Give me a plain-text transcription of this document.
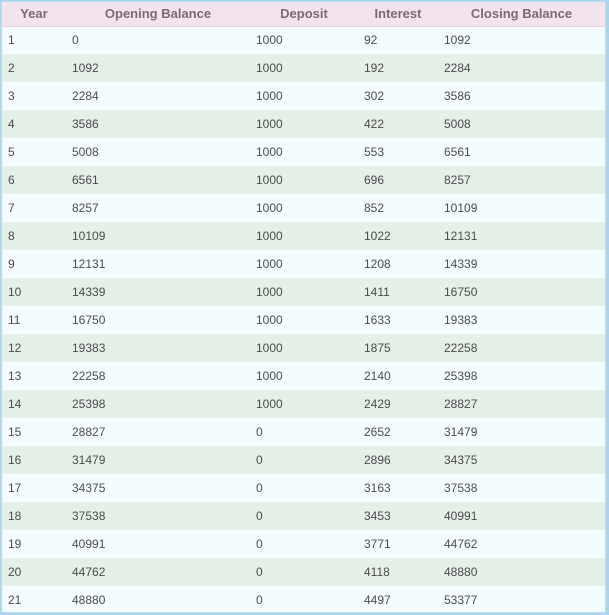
Year	Opening Balance	Deposit	Interest	Closing Balance
1	0	1000	92	1092
2	1092	1000	192	2284
3	2284	1000	302	3586
4	3586	1000	422	5008
5	5008	1000	553	6561
6	6561	1000	696	8257
7	8257	1000	852	10109
8	10109	1000	1022	12131
9	12131	1000	1208	14339
10	14339	1000	1411	16750
11	16750	1000	1633	19383
12	19383	1000	1875	22258
13	22258	1000	2140	25398
14	25398	1000	2429	28827
15	28827	0	2652	31479
16	31479	0	2896	34375
17	34375	0	3163	37538
18	37538	0	3453	40991
19	40991	0	3771	44762
20	44762	0	4118	48880
21	48880	0	4497	53377
